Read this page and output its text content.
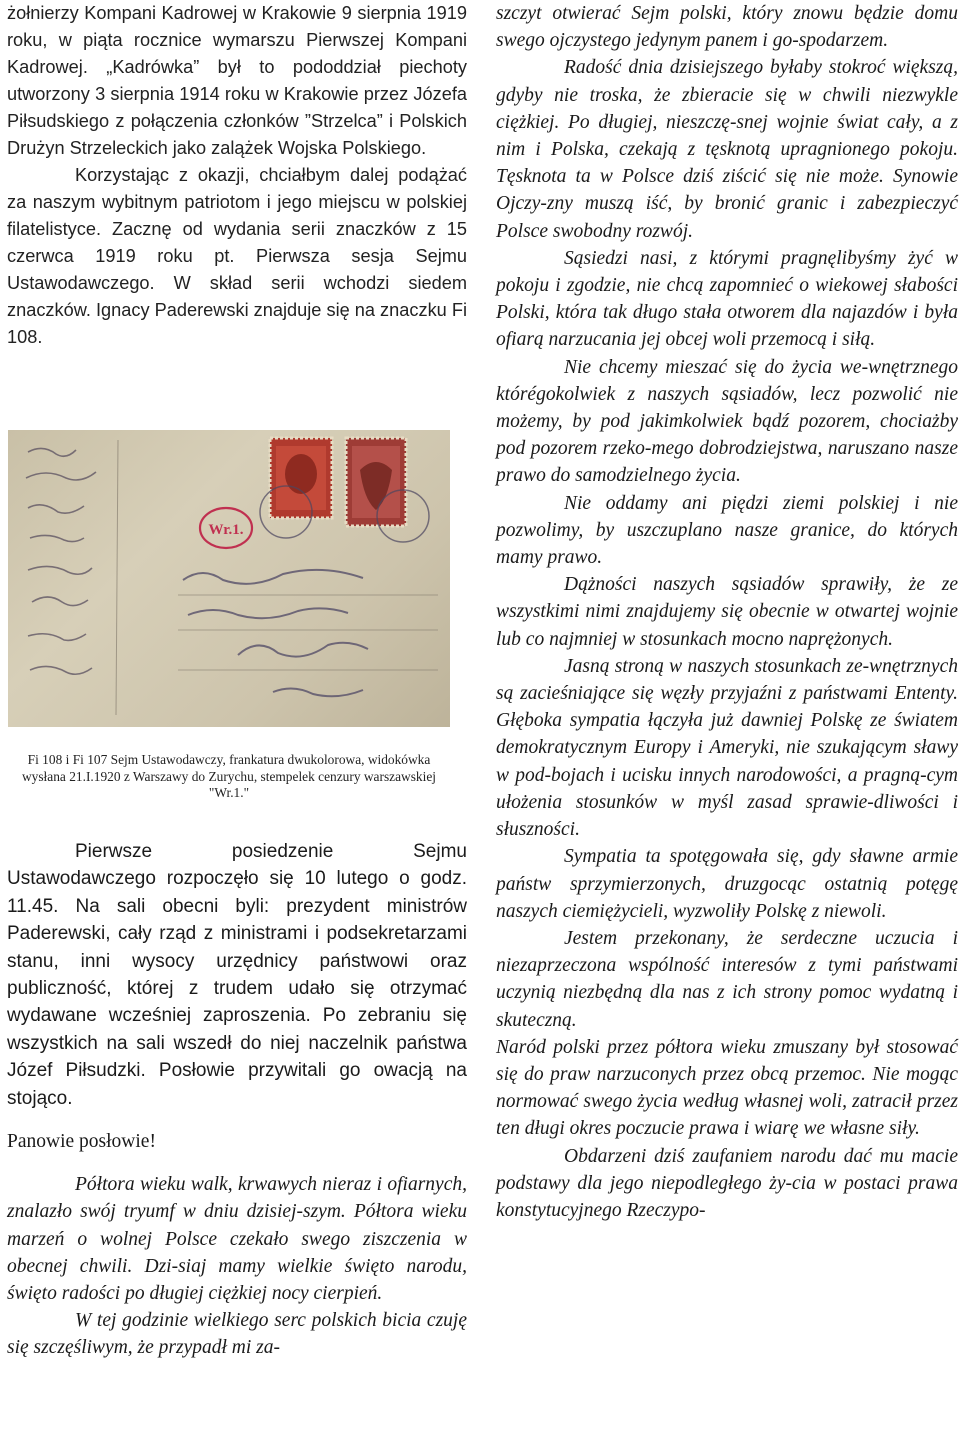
żołnierzy Kompani Kadrowej w Krakowie 9 sierpnia 1919 roku, w piąta rocznice wymarszu Pierwszej Kompani Kadrowej. „Kadrówka” był to pododdział piechoty utworzony 3 sierpnia 1914 roku w Krakowie przez Józefa Piłsudskiego z połączenia członków ”Strzelca” i Polskich Drużyn Strzeleckich jako zalążek Wojska Polskiego.

Korzystając z okazji, chciałbym dalej podążać za naszym wybitnym patriotom i jego miejscu w polskiej filatelistyce. Zacznę od wydania serii znaczków z 15 czerwca 1919 roku pt. Pierwsza sesja Sejmu Ustawodawczego. W skład serii wchodzi siedem znaczków. Ignacy Paderewski znajduje się na znaczku Fi 108.

Wr.1.

Fi 108 i Fi 107 Sejm Ustawodawczy, frankatura dwukolorowa, widokówka wysłana 21.I.1920 z Warszawy do Zurychu, stempelek cenzury warszawskiej "Wr.1."

Pierwsze posiedzenie Sejmu Ustawodawczego rozpoczęło się 10 lutego o godz. 11.45. Na sali obecni byli: prezydent ministrów Paderewski, cały rząd z ministrami i podsekretarzami stanu, inni wysocy urzędnicy państwowi oraz publiczność, której z trudem udało się otrzymać wydawane wcześniej zaproszenia. Po zebraniu się wszystkich na sali wszedł do niej naczelnik państwa Józef Piłsudzki. Posłowie przywitali go owacją na stojąco.

Panowie posłowie!

Półtora wieku walk, krwawych nieraz i ofiarnych, znalazło swój tryumf w dniu dzisiej-szym. Półtora wieku marzeń o wolnej Polsce czekało swego ziszczenia w obecnej chwili. Dzi-siaj mamy wielkie święto narodu, święto radości po długiej ciężkiej nocy cierpień.

W tej godzinie wielkiego serc polskich bicia czuję się szczęśliwym, że przypadł mi za-

szczyt otwierać Sejm polski, który znowu będzie domu swego ojczystego jedynym panem i go-spodarzem.

Radość dnia dzisiejszego byłaby stokroć większą, gdyby nie troska, że zbieracie się w chwili niezwykle ciężkiej. Po długiej, nieszczę-snej wojnie świat cały, a z nim i Polska, czekają z tęsknotą upragnionego pokoju. Tęsknota ta w Polsce dziś ziścić się nie może. Synowie Ojczy-zny muszą iść, by bronić granic i zabezpieczyć Polsce swobodny rozwój.

Sąsiedzi nasi, z którymi pragnęlibyśmy żyć w pokoju i zgodzie, nie chcą zapomnieć o wiekowej słabości Polski, która tak długo stała otworem dla najazdów i była ofiarą narzucania jej obcej woli przemocą i siłą.

Nie chcemy mieszać się do życia we-wnętrznego którégokolwiek z naszych sąsiadów, lecz pozwolić nie możemy, by pod jakimkolwiek bądź pozorem, chociażby pod pozorem rzeko-mego dobrodziejstwa, naruszano nasze prawo do samodzielnego życia.

Nie oddamy ani piędzi ziemi polskiej i nie pozwolimy, by uszczuplano nasze granice, do których mamy prawo.

Dążności naszych sąsiadów sprawiły, że ze wszystkimi nimi znajdujemy się obecnie w otwartej wojnie lub co najmniej w stosunkach mocno naprężonych.

Jasną stroną w naszych stosunkach ze-wnętrznych są zacieśniające się węzły przyjaźni z państwami Ententy. Głęboka sympatia łączyła już dawniej Polskę ze światem demokratycznym Europy i Ameryki, nie szukającym sławy w pod-bojach i ucisku innych narodowości, a pragną-cym ułożenia stosunków w myśl zasad sprawie-dliwości i słuszności.

Sympatia ta spotęgowała się, gdy sławne armie państw sprzymierzonych, druzgocąc ostatnią potęgę naszych ciemiężycieli, wyzwoliły Polskę z niewoli.

Jestem przekonany, że serdeczne uczucia i niezaprzeczona wspólność interesów z tymi państwami uczynią niezbędną dla nas z ich strony pomoc wydatną i skuteczną.

Naród polski przez półtora wieku zmuszany był stosować się do praw narzuconych przez obcą przemoc. Nie mogąc normować swego życia według własnej woli, zatracił przez ten długi okres poczucie prawa i wiarę we własne siły.

Obdarzeni dziś zaufaniem narodu dać mu macie podstawy dla jego niepodległego ży-cia w postaci prawa konstytucyjnego Rzeczypo-
